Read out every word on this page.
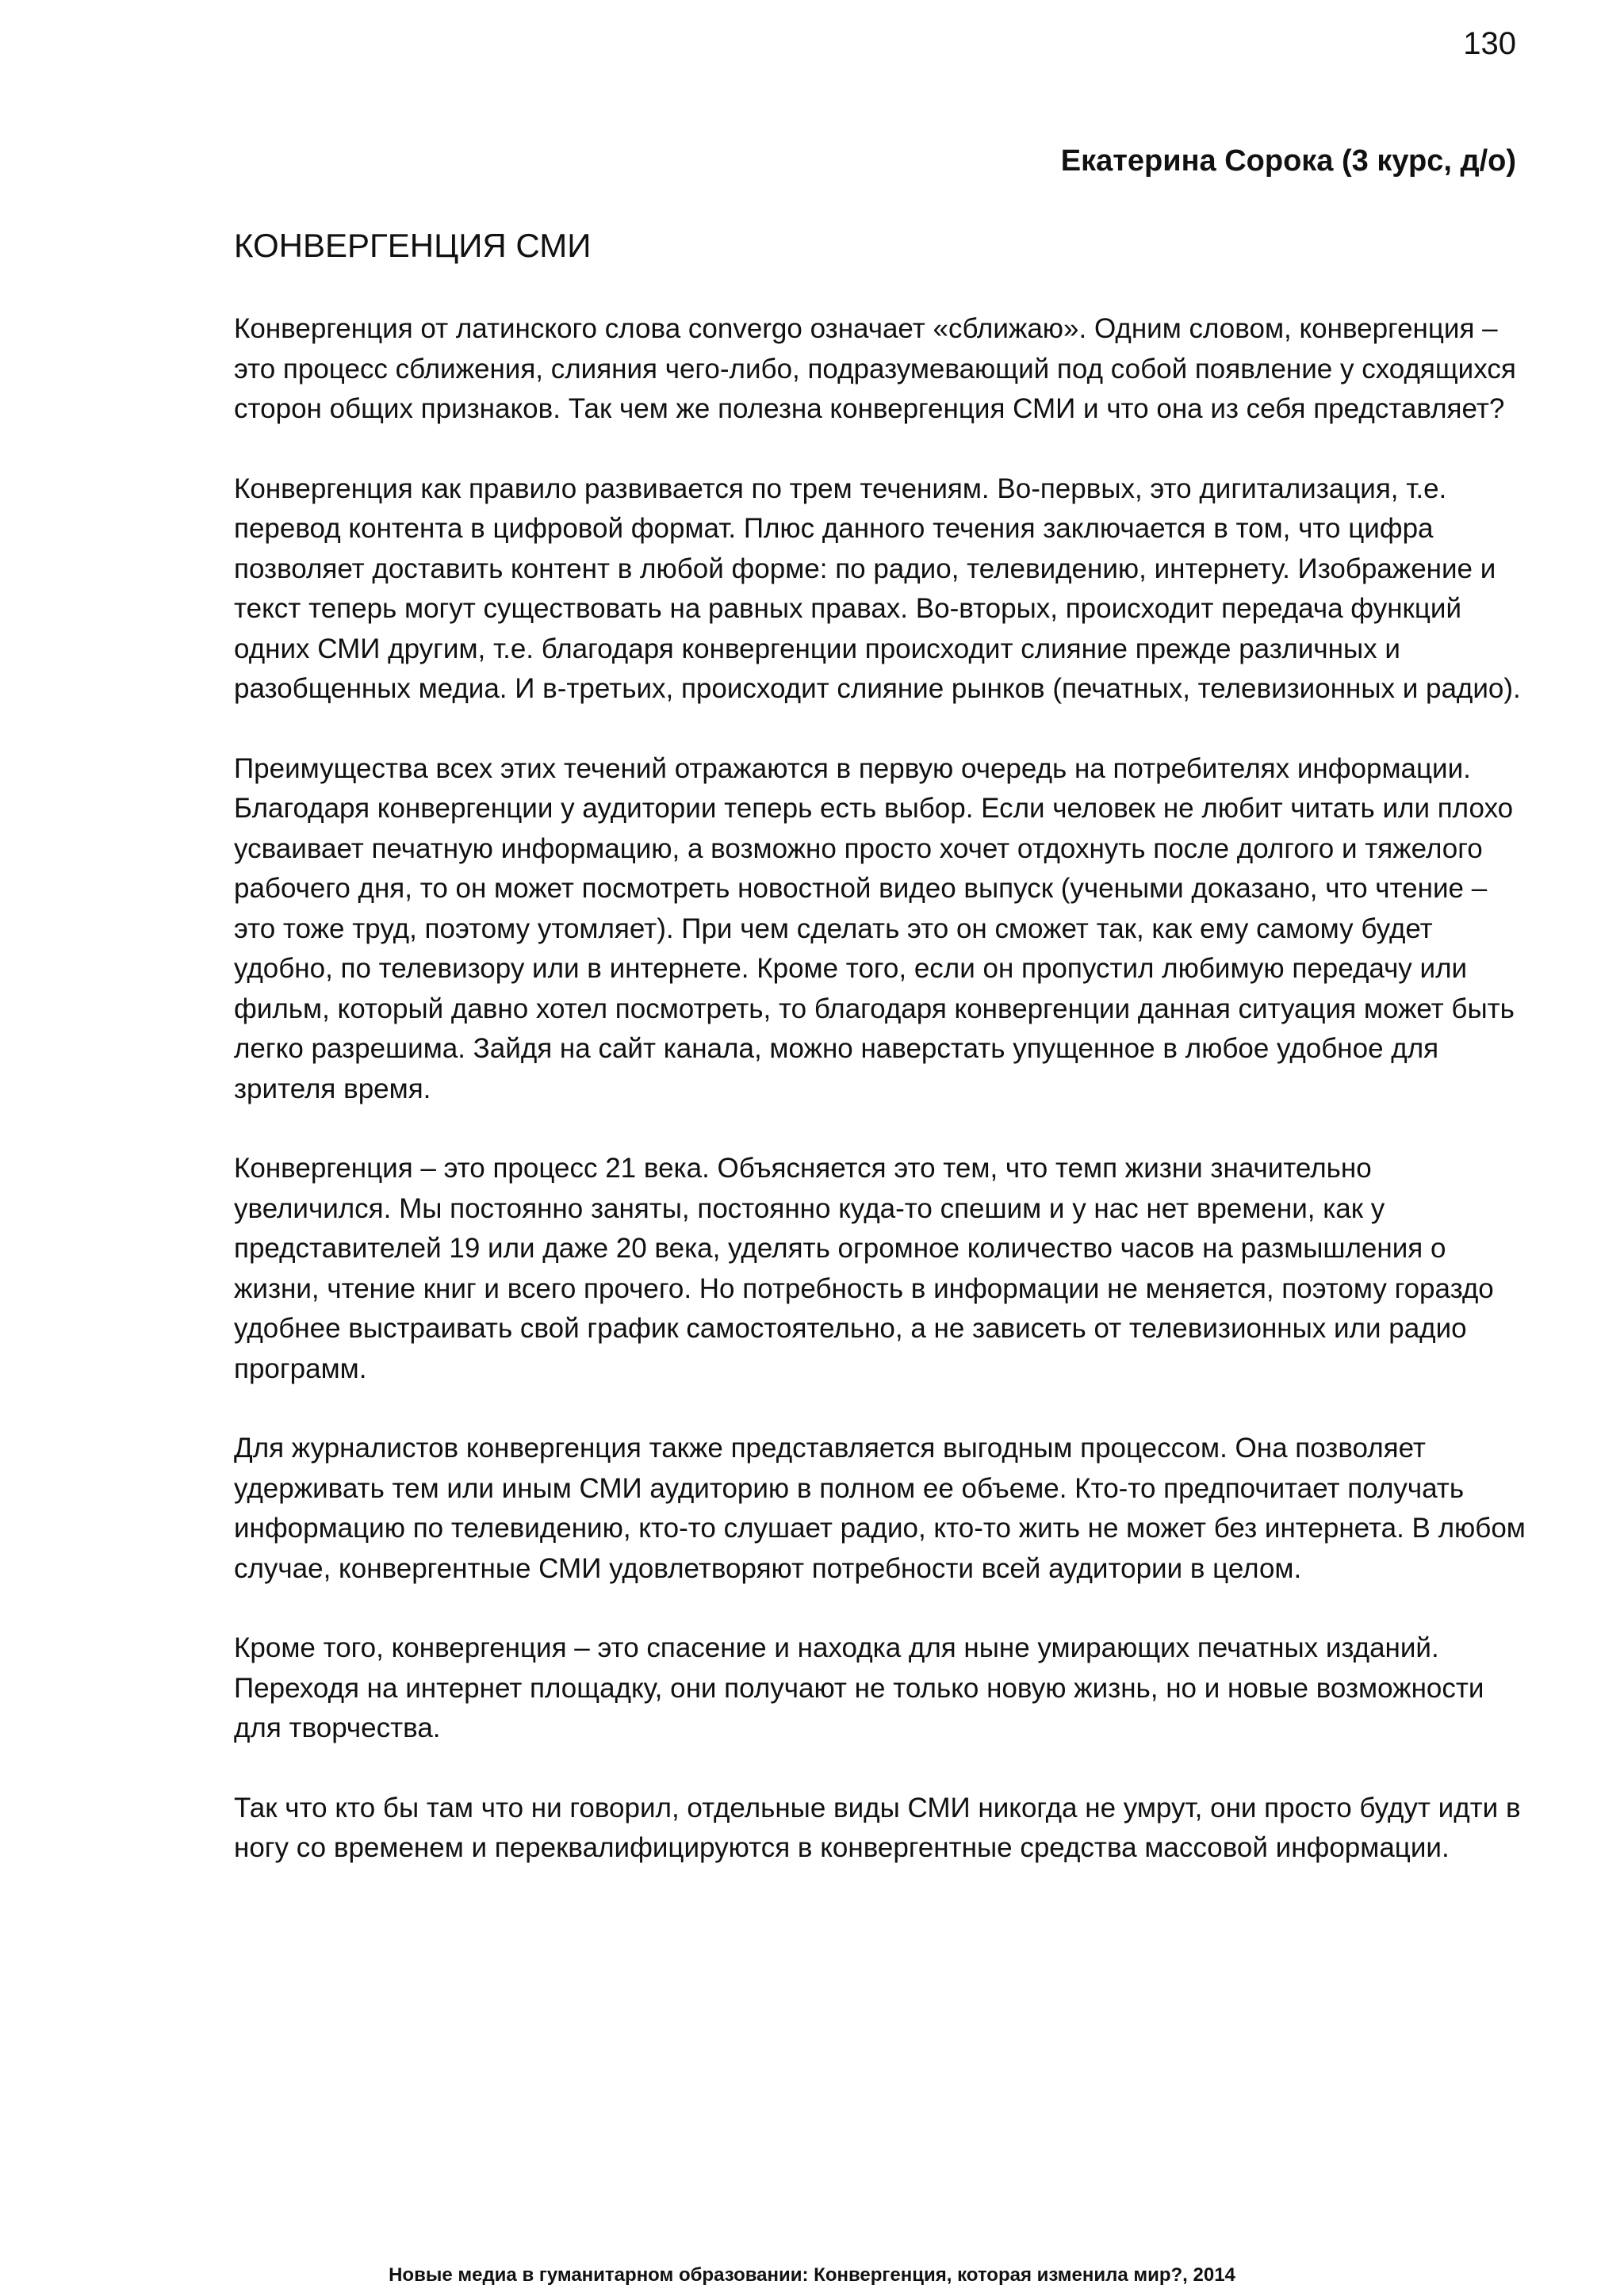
130
Екатерина Сорока (3 курс, д/о)
КОНВЕРГЕНЦИЯ СМИ

Конвергенция от латинского слова convergo означает «сближаю». Одним словом, конвергенция – это процесс сближения, слияния чего-либо, подразумевающий под собой появление у сходящихся сторон общих признаков. Так чем же полезна конвергенция СМИ и что она из себя представляет?

Конвергенция как правило развивается по трем течениям. Во-первых, это дигитализация, т.е. перевод контента в цифровой формат. Плюс данного течения заключается в том, что цифра позволяет доставить контент в любой форме: по радио, телевидению, интернету. Изображение и текст теперь могут существовать на равных правах. Во-вторых, происходит передача функций одних СМИ другим, т.е. благодаря конвергенции происходит слияние прежде различных и разобщенных медиа. И в-третьих, происходит слияние рынков (печатных, телевизионных и радио).

Преимущества всех этих течений отражаются в первую очередь на потребителях информации. Благодаря конвергенции у аудитории теперь есть выбор. Если человек не любит читать или плохо усваивает печатную информацию, а возможно просто хочет отдохнуть после долгого и тяжелого рабочего дня, то он может посмотреть новостной видео выпуск (учеными доказано, что чтение – это тоже труд, поэтому утомляет). При чем сделать это он сможет так, как ему самому будет удобно, по телевизору или в интернете. Кроме того, если он пропустил любимую передачу или фильм, который давно хотел посмотреть, то благодаря конвергенции данная ситуация может быть легко разрешима. Зайдя на сайт канала, можно наверстать упущенное в любое удобное для зрителя время.

Конвергенция – это процесс 21 века. Объясняется это тем, что темп жизни значительно увеличился. Мы постоянно заняты, постоянно куда-то спешим и у нас нет времени, как у представителей 19 или даже 20 века, уделять огромное количество часов на размышления о жизни, чтение книг и всего прочего. Но потребность в информации не меняется, поэтому гораздо удобнее выстраивать свой график самостоятельно, а не зависеть от телевизионных или радио программ.

Для журналистов конвергенция также представляется выгодным процессом. Она позволяет удерживать тем или иным СМИ аудиторию в полном ее объеме. Кто-то предпочитает получать информацию по телевидению, кто-то слушает радио, кто-то жить не может без интернета. В любом случае, конвергентные СМИ удовлетворяют потребности всей аудитории в целом.

Кроме того, конвергенция – это спасение и находка для ныне умирающих печатных изданий. Переходя на интернет площадку, они получают не только новую жизнь, но и новые возможности для творчества.

Так что кто бы там что ни говорил, отдельные виды СМИ никогда не умрут, они просто будут идти в ногу со временем и переквалифицируются в конвергентные средства массовой информации.

Новые медиа в гуманитарном образовании: Конвергенция, которая изменила мир?, 2014
